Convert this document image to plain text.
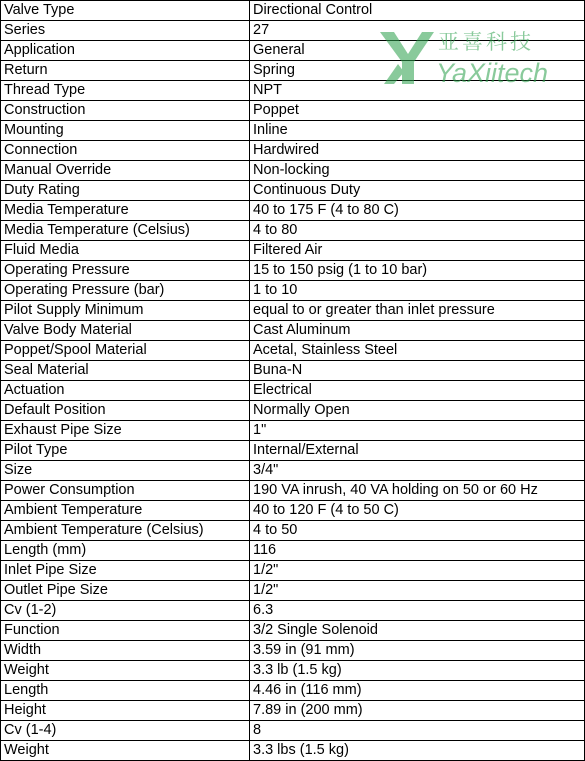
Valve Type	Directional Control
Series	27
Application	General
Return	Spring
Thread Type	NPT
Construction	Poppet
Mounting	Inline
Connection	Hardwired
Manual Override	Non-locking
Duty Rating	Continuous Duty
Media Temperature	40 to 175 F (4 to 80 C)
Media Temperature (Celsius)	4 to 80
Fluid Media	Filtered Air
Operating Pressure	15 to 150 psig (1 to 10 bar)
Operating Pressure (bar)	1 to 10
Pilot Supply Minimum	equal to or greater than inlet pressure
Valve Body Material	Cast Aluminum
Poppet/Spool Material	Acetal, Stainless Steel
Seal Material	Buna-N
Actuation	Electrical
Default Position	Normally Open
Exhaust Pipe Size	1"
Pilot Type	Internal/External
Size	3/4"
Power Consumption	190 VA inrush, 40 VA holding on 50 or 60 Hz
Ambient Temperature	40 to 120 F (4 to 50 C)
Ambient Temperature (Celsius)	4 to 50
Length (mm)	116
Inlet Pipe Size	1/2"
Outlet Pipe Size	1/2"
Cv (1-2)	6.3
Function	3/2 Single Solenoid
Width	3.59 in (91 mm)
Weight	3.3 lb (1.5 kg)
Length	4.46 in (116 mm)
Height	7.89 in (200 mm)
Cv (1-4)	8
Weight	3.3 lbs (1.5 kg)
亚喜科技
YaXiitech
